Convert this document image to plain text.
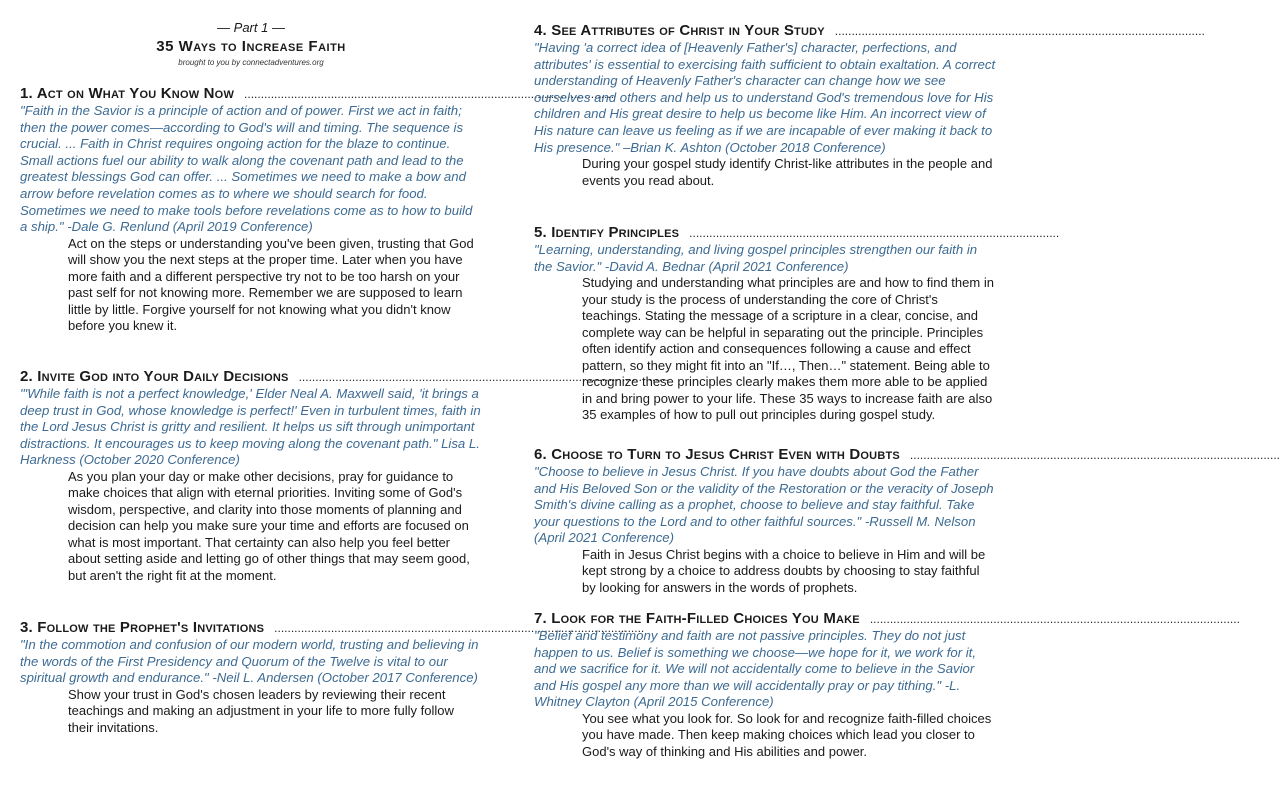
— Part 1 —
35 Ways to Increase Faith
brought to you by connectadventures.org
1. Act on What You Know Now ...............................................................................................................

"Faith in the Savior is a principle of action and of power. First we act in faith; then the power comes—according to God's will and timing. The sequence is crucial. ... Faith in Christ requires ongoing action for the blaze to continue. Small actions fuel our ability to walk along the covenant path and lead to the greatest blessings God can offer. ... Sometimes we need to make a bow and arrow before revelation comes as to where we should search for food. Sometimes we need to make tools before revelations come as to how to build a ship." -Dale G. Renlund (April 2019 Conference)

Act on the steps or understanding you've been given, trusting that God will show you the next steps at the proper time. Later when you have more faith and a different perspective try not to be too harsh on your past self for not knowing more. Remember we are supposed to learn little by little. Forgive yourself for not knowing what you didn't know before you knew it.

2. Invite God into Your Daily Decisions ...............................................................................................................

"'While faith is not a perfect knowledge,' Elder Neal A. Maxwell said, 'it brings a deep trust in God, whose knowledge is perfect!' Even in turbulent times, faith in the Lord Jesus Christ is gritty and resilient. It helps us sift through unimportant distractions. It encourages us to keep moving along the covenant path." Lisa L. Harkness (October 2020 Conference)

As you plan your day or make other decisions, pray for guidance to make choices that align with eternal priorities. Inviting some of God's wisdom, perspective, and clarity into those moments of planning and decision can help you make sure your time and efforts are focused on what is most important. That certainty can also help you feel better about setting aside and letting go of other things that may seem good, but aren't the right fit at the moment.

3. Follow the Prophet's Invitations ...............................................................................................................

"In the commotion and confusion of our modern world, trusting and believing in the words of the First Presidency and Quorum of the Twelve is vital to our spiritual growth and endurance." -Neil L. Andersen (October 2017 Conference)

Show your trust in God's chosen leaders by reviewing their recent teachings and making an adjustment in your life to more fully follow their invitations.

4. See Attributes of Christ in Your Study ...............................................................................................................

"Having 'a correct idea of [Heavenly Father's] character, perfections, and attributes' is essential to exercising faith sufficient to obtain exaltation. A correct understanding of Heavenly Father's character can change how we see ourselves and others and help us to understand God's tremendous love for His children and His great desire to help us become like Him. An incorrect view of His nature can leave us feeling as if we are incapable of ever making it back to His presence." –Brian K. Ashton (October 2018 Conference)

During your gospel study identify Christ-like attributes in the people and events you read about.

5. Identify Principles ...............................................................................................................

"Learning, understanding, and living gospel principles strengthen our faith in the Savior." -David A. Bednar (April 2021 Conference)

Studying and understanding what principles are and how to find them in your study is the process of understanding the core of Christ's teachings. Stating the message of a scripture in a clear, concise, and complete way can be helpful in separating out the principle. Principles often identify action and consequences following a cause and effect pattern, so they might fit into an "If…, Then…" statement. Being able to recognize these principles clearly makes them more able to be applied in and bring power to your life. These 35 ways to increase faith are also 35 examples of how to pull out principles during gospel study.

6. Choose to Turn to Jesus Christ Even with Doubts ...............................................................................................................

"Choose to believe in Jesus Christ. If you have doubts about God the Father and His Beloved Son or the validity of the Restoration or the veracity of Joseph Smith's divine calling as a prophet, choose to believe and stay faithful. Take your questions to the Lord and to other faithful sources." -Russell M. Nelson (April 2021 Conference)

Faith in Jesus Christ begins with a choice to believe in Him and will be kept strong by a choice to address doubts by choosing to stay faithful by looking for answers in the words of prophets.

7. Look for the Faith-Filled Choices You Make ...............................................................................................................

"Belief and testimony and faith are not passive principles. They do not just happen to us. Belief is something we choose—we hope for it, we work for it, and we sacrifice for it. We will not accidentally come to believe in the Savior and His gospel any more than we will accidentally pray or pay tithing." -L. Whitney Clayton (April 2015 Conference)

You see what you look for. So look for and recognize faith-filled choices you have made. Then keep making choices which lead you closer to God's way of thinking and His abilities and power.
